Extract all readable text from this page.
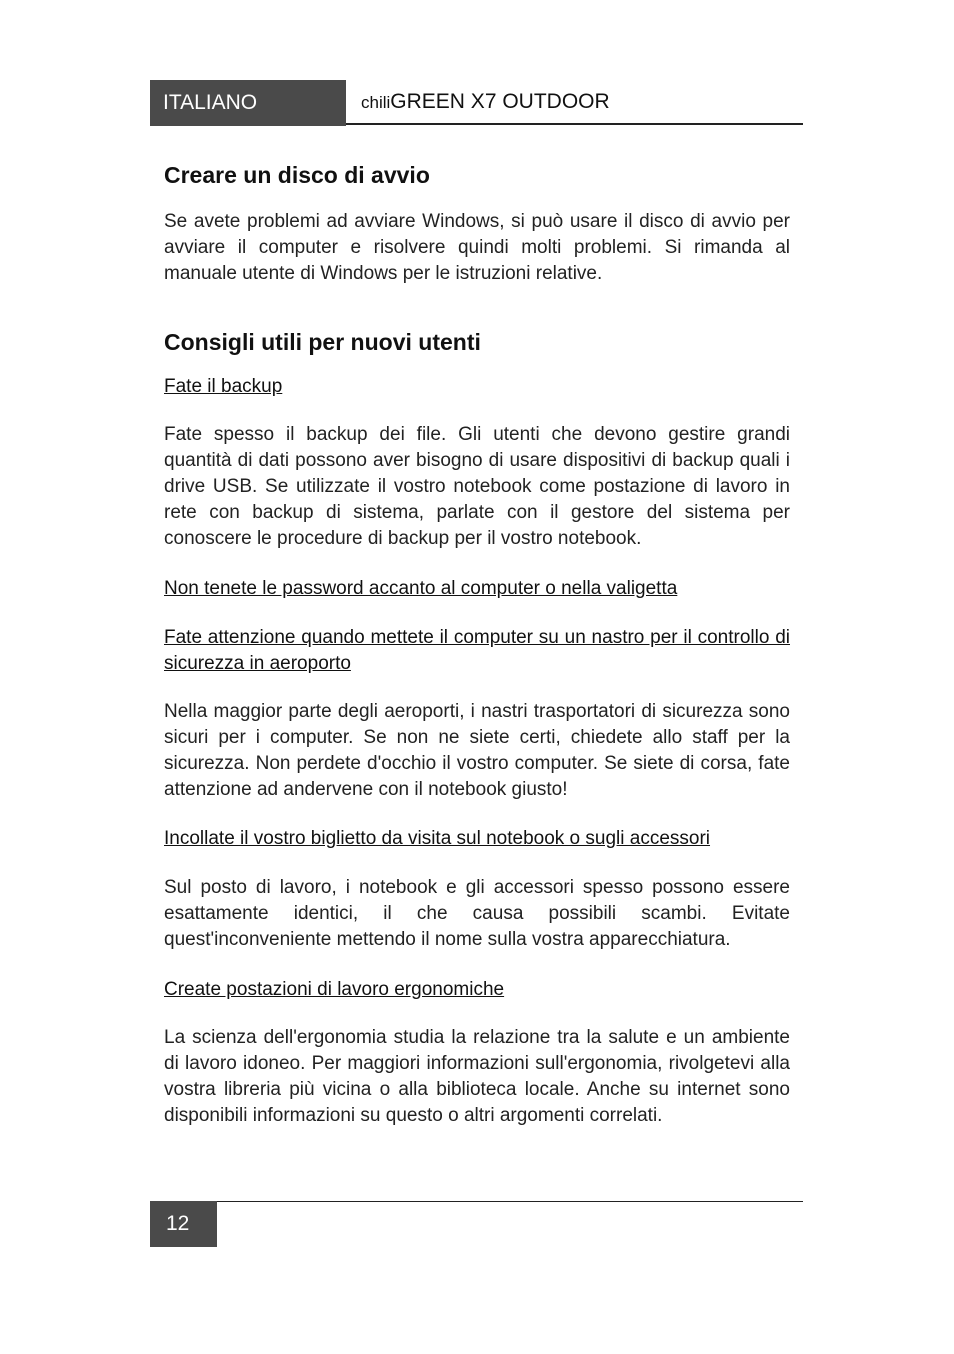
ITALIANO	chiliGREEN X7 OUTDOOR
Creare un disco di avvio

Se avete problemi ad avviare Windows, si può usare il disco di avvio per avviare il computer e risolvere quindi molti problemi. Si rimanda al manuale utente di Windows per le istruzioni relative.

Consigli utili per nuovi utenti

Fate il backup

Fate spesso il backup dei file. Gli utenti che devono gestire grandi quantità di dati possono aver bisogno di usare dispositivi di backup quali i drive USB. Se utilizzate il vostro notebook come postazione di lavoro in rete con backup di sistema, parlate con il gestore del sistema per conoscere le procedure di backup per il vostro notebook.

Non tenete le password accanto al computer o nella valigetta

Fate attenzione quando mettete il computer su un nastro per il controllo di sicurezza in aeroporto

Nella maggior parte degli aeroporti, i nastri trasportatori di sicurezza sono sicuri per i computer. Se non ne siete certi, chiedete allo staff per la sicurezza. Non perdete d'occhio il vostro computer. Se siete di corsa, fate attenzione ad andervene con il notebook giusto!

Incollate il vostro biglietto da visita sul notebook o sugli accessori

Sul posto di lavoro, i notebook e gli accessori spesso possono essere esattamente identici, il che causa possibili scambi. Evitate quest'inconveniente mettendo il nome sulla vostra apparecchiatura.

Create postazioni di lavoro ergonomiche

La scienza dell'ergonomia studia la relazione tra la salute e un ambiente di lavoro idoneo. Per maggiori informazioni sull'ergonomia, rivolgetevi alla vostra libreria più vicina o alla biblioteca locale. Anche su internet sono disponibili informazioni su questo o altri argomenti correlati.

12
